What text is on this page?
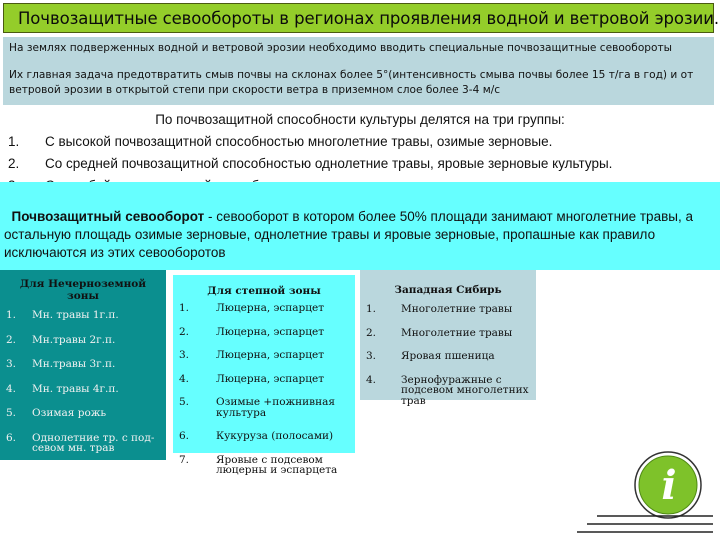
Почвозащитные севообороты в регионах проявления водной и ветровой эрозии.

На землях подверженных водной и ветровой эрозии необходимо вводить специальные почвозащитные севообороты

Их главная задача предотвратить смыв почвы на склонах более 5°(интенсивность смыва почвы более 15 т/га в год) и от ветровой эрозии в открытой степи при скорости ветра в приземном слое более 3-4 м/с

По почвозащитной способности культуры делятся на три группы:
1. С высокой почвозащитной способностью многолетние травы, озимые зерновые.
2. Со средней почвозащитной способностью однолетние травы, яровые зерновые культуры.

Почвозащитный севооборот - севооборот в котором более 50% площади занимают многолетние травы, а остальную площадь озимые зерновые, однолетние травы и яровые зерновые, пропашные как правило исключаются из этих севооборотов

Для Нечерноземной зоны
1. Мн. травы 1г.п.
2. Мн.травы 2г.п.
3. Мн.травы 3г.п.
4. Мн. травы 4г.п.
5. Озимая рожь
6. Однолетние тр. с под- севом мн. трав
Для степной зоны
1.	Люцерна, эспарцет
2.	Люцерна, эспарцет
3.	Люцерна, эспарцет
4.	Люцерна, эспарцет
5.	Озимые +пожнивная культура
6.	Кукуруза (полосами)
7.	Яровые с подсевом люцерны и эспарцета
Западная Сибирь
1. Многолетние травы
2. Многолетние травы
3. Яровая пшеница
4. Зернофуражные с подсевом многолетних трав
i
